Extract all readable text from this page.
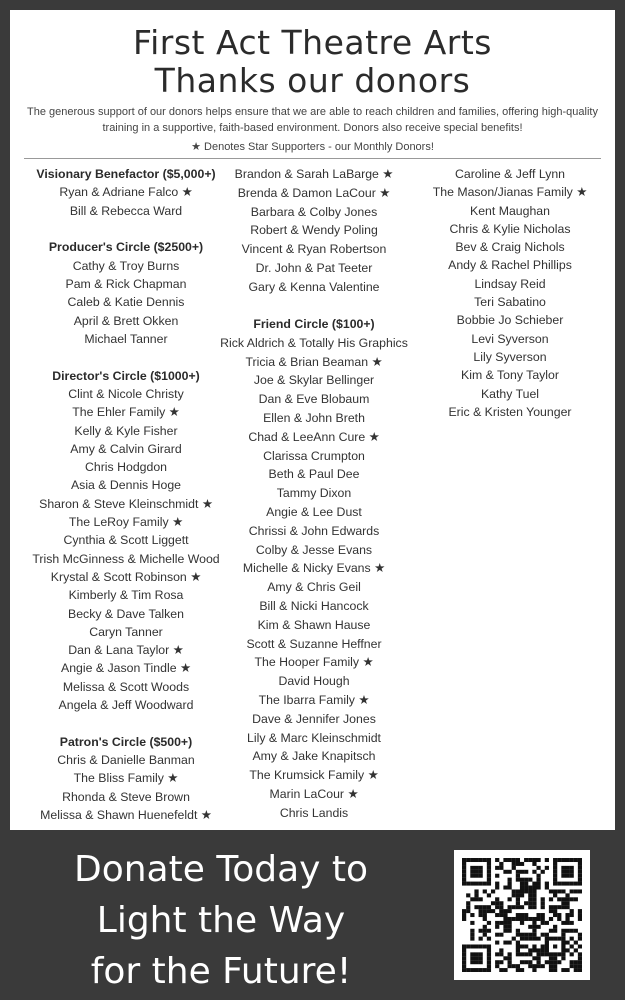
First Act Theatre Arts
Thanks our donors
The generous support of our donors helps ensure that we are able to reach children and families, offering high-quality training in a supportive, faith-based environment. Donors also receive special benefits!
★ Denotes Star Supporters - our Monthly Donors!
Visionary Benefactor ($5,000+)
Ryan & Adriane Falco ★
Bill & Rebecca Ward
Producer's Circle ($2500+)
Cathy & Troy Burns
Pam & Rick Chapman
Caleb & Katie Dennis
April & Brett Okken
Michael Tanner
Director's Circle ($1000+)
Clint & Nicole Christy
The Ehler Family ★
Kelly & Kyle Fisher
Amy & Calvin Girard
Chris Hodgdon
Asia & Dennis Hoge
Sharon & Steve Kleinschmidt ★
The LeRoy Family ★
Cynthia & Scott Liggett
Trish McGinness & Michelle Wood
Krystal & Scott Robinson ★
Kimberly & Tim Rosa
Becky & Dave Talken
Caryn Tanner
Dan & Lana Taylor ★
Angie & Jason Tindle ★
Melissa & Scott Woods
Angela & Jeff Woodward
Patron's Circle ($500+)
Chris & Danielle Banman
The Bliss Family ★
Rhonda & Steve Brown
Melissa & Shawn Huenefeldt ★
Brandon & Sarah LaBarge ★
Brenda & Damon LaCour ★
Barbara & Colby Jones
Robert & Wendy Poling
Vincent & Ryan Robertson
Dr. John & Pat Teeter
Gary & Kenna Valentine
Friend Circle ($100+)
Rick Aldrich & Totally His Graphics
Tricia & Brian Beaman ★
Joe & Skylar Bellinger
Dan & Eve Blobaum
Ellen & John Breth
Chad & LeeAnn Cure ★
Clarissa Crumpton
Beth & Paul Dee
Tammy Dixon
Angie & Lee Dust
Chrissi & John Edwards
Colby & Jesse Evans
Michelle & Nicky Evans ★
Amy & Chris Geil
Bill & Nicki Hancock
Kim & Shawn Hause
Scott & Suzanne Heffner
The Hooper Family ★
David Hough
The Ibarra Family ★
Dave & Jennifer Jones
Lily & Marc Kleinschmidt
Amy & Jake Knapitsch
The Krumsick Family ★
Marin LaCour ★
Chris Landis
Caroline & Jeff Lynn
The Mason/Jianas Family ★
Kent Maughan
Chris & Kylie Nicholas
Bev & Craig Nichols
Andy & Rachel Phillips
Lindsay Reid
Teri Sabatino
Bobbie Jo Schieber
Levi Syverson
Lily Syverson
Kim & Tony Taylor
Kathy Tuel
Eric & Kristen Younger
Donate Today to
Light the Way
for the Future!
